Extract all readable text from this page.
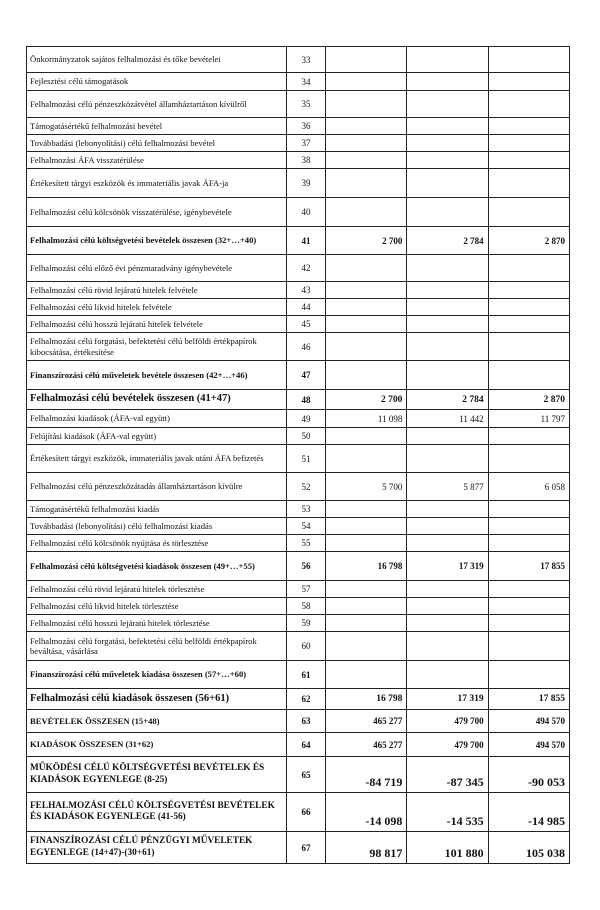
Önkormányzatok sajátos felhalmozási és tőke bevételei	33			
Fejlesztési célú támogatások	34			
Felhalmozási célú pénzeszközátvétel államháztartáson kívülről	35			
Támogatásértékű felhalmozási bevétel	36			
Továbbadási (lebonyolítási) célú felhalmozási bevétel	37			
Felhalmozási ÁFA visszatérülése	38			
Értékesített tárgyi eszközök és immateriális javak ÁFA-ja	39			
Felhalmozási célú kölcsönök visszatérülése, igénybevétele	40			
Felhalmozási célú költségvetési bevételek összesen (32+…+40)	41	2 700	2 784	2 870
Felhalmozási célú előző évi pénzmaradvány igénybevétele	42			
Felhalmozási célú rövid lejáratú hitelek felvétele	43			
Felhalmozási célú likvid hitelek felvétele	44			
Felhalmozási célú hosszú lejáratú hitelek felvétele	45			
Felhalmozási célú forgatási, befektetési célú belföldi értékpapírok kibocsátása, értékesítése	46			
Finanszírozási célú műveletek bevétele összesen (42+…+46)	47			
Felhalmozási célú bevételek összesen (41+47)	48	2 700	2 784	2 870
Felhalmozási kiadások (ÁFA-val együtt)	49	11 098	11 442	11 797
Felújítási kiadások (ÁFA-val együtt)	50			
Értékesített tárgyi eszközök, immateriális javak utáni ÁFA befizetés	51			
Felhalmozási célú pénzeszközátadás államháztartáson kívülre	52	5 700	5 877	6 058
Támogatásértékű felhalmozási kiadás	53			
Továbbadási (lebonyolítási) célú felhalmozási kiadás	54			
Felhalmozási célú kölcsönök nyújtása és törlesztése	55			
Felhalmozási célú költségvetési kiadások összesen (49+…+55)	56	16 798	17 319	17 855
Felhalmozási célú rövid lejáratú hitelek törlesztése	57			
Felhalmozási célú likvid hitelek törlesztése	58			
Felhalmozási célú hosszú lejáratú hitelek törlesztése	59			
Felhalmozási célú forgatási, befektetési célú belföldi értékpapírok beváltása, vásárlása	60			
Finanszírozási célú műveletek kiadása összesen (57+…+60)	61			
Felhalmozási célú kiadások összesen (56+61)	62	16 798	17 319	17 855
BEVÉTELEK ÖSSZESEN (15+48)	63	465 277	479 700	494 570
KIADÁSOK ÖSSZESEN (31+62)	64	465 277	479 700	494 570
MŰKÖDÉSI CÉLÚ KÖLTSÉGVETÉSI BEVÉTELEK ÉS KIADÁSOK EGYENLEGE (8-25)	65	-84 719	-87 345	-90 053
FELHALMOZÁSI CÉLÚ KÖLTSÉGVETÉSI BEVÉTELEK ÉS KIADÁSOK EGYENLEGE (41-56)	66	-14 098	-14 535	-14 985
FINANSZÍROZÁSI CÉLÚ PÉNZÜGYI MŰVELETEK EGYENLEGE (14+47)-(30+61)	67	98 817	101 880	105 038
